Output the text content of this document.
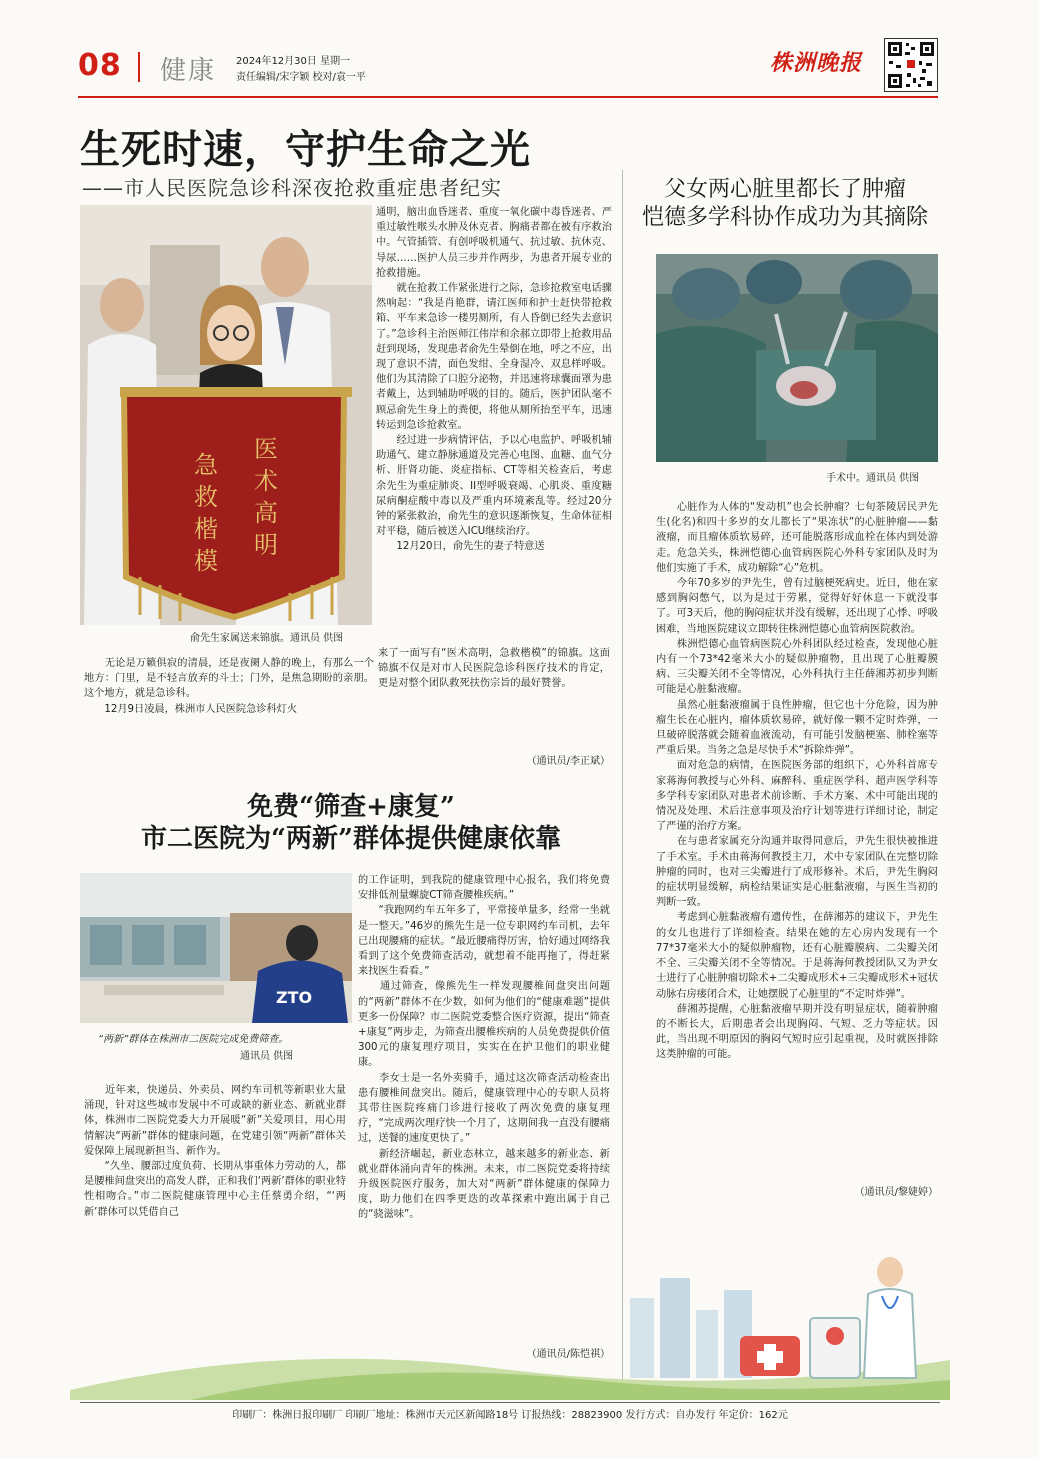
08 健康 2024年12月30日 星期一
责任编辑/宋字颖 校对/袁一平
株洲晚报
生死时速，守护生命之光
——市人民医院急诊科深夜抢救重症患者纪实
急
救
楷
模
医
术
高
明
俞先生家属送来锦旗。通讯员 供图
通明，脑出血昏迷者、重度一氧化碳中毒昏迷者、严重过敏性喉头水肿及休克者、胸痛者都在被有序救治中。气管插管、有创呼吸机通气、抗过敏、抗休克、导尿……医护人员三步并作两步，为患者开展专业的抢救措施。
　　就在抢救工作紧张进行之际，急诊抢救室电话骤然响起：“我是肖艳群，请江医师和护士赶快带抢救箱、平车来急诊一楼男厕所，有人昏倒已经失去意识了。”急诊科主治医师江伟岸和余郝立即带上抢救用品赶到现场，发现患者俞先生晕倒在地，呼之不应，出现了意识不清，面色发绀、全身湿冷、双息样呼吸。他们为其清除了口腔分泌物，并迅速将球囊面罩为患者戴上，达到辅助呼吸的目的。随后，医护团队毫不顾忌俞先生身上的粪便，将他从厕所抬至平车，迅速转运到急诊抢救室。
　　经过进一步病情评估，予以心电监护、呼吸机辅助通气、建立静脉通道及完善心电图、血糖、血气分析、肝肾功能、炎症指标、CT等相关检查后，考虑余先生为重症肺炎、II型呼吸衰竭、心肌炎、重度糖尿病酮症酸中毒以及严重内环境紊乱等。经过20分钟的紧张救治，俞先生的意识逐渐恢复，生命体征相对平稳，随后被送入ICU继续治疗。
　　12月20日，俞先生的妻子特意送
　　无论是万籁俱寂的清晨，还是夜阑人静的晚上，有那么一个地方：门里，是不轻言放弃的斗士；门外，是焦急期盼的亲朋。这个地方，就是急诊科。
　　12月9日凌晨，株洲市人民医院急诊科灯火
来了一面写有“医术高明，急救楷模”的锦旗。这面锦旗不仅是对市人民医院急诊科医疗技术的肯定，更是对整个团队救死扶伤宗旨的最好赞誉。
（通讯员/李正斌）
免费“筛查+康复”
市二医院为“两新”群体提供健康依靠
ZTO
“两新”群体在株洲市二医院完成免费筛查。
通讯员 供图
　　近年来，快递员、外卖员、网约车司机等新职业大量涌现，针对这些城市发展中不可或缺的新业态、新就业群体，株洲市二医院党委大力开展暖“新”关爱项目，用心用情解决“两新”群体的健康问题，在党建引领“两新”群体关爱保障上展现新担当、新作为。
　　“久坐、腰部过度负荷、长期从事重体力劳动的人，都是腰椎间盘突出的高发人群，正和我们‘两新’群体的职业特性相吻合。”市二医院健康管理中心主任蔡勇介绍，“‘两新’群体可以凭借自己
的工作证明，到我院的健康管理中心报名，我们将免费安排低剂量螺旋CT筛查腰椎疾病。”
　　“我跑网约车五年多了，平常接单量多，经常一坐就是一整天。”46岁的熊先生是一位专职网约车司机，去年已出现腰痛的症状。“最近腰痛得厉害，恰好通过网络我看到了这个免费筛查活动，就想着不能再拖了，得赶紧来找医生看看。”
　　通过筛查，像熊先生一样发现腰椎间盘突出问题的“两新”群体不在少数，如何为他们的“健康难题”提供更多一份保障？市二医院党委整合医疗资源，提出“筛查+康复”两步走，为筛查出腰椎疾病的人员免费提供价值300元的康复理疗项目，实实在在护卫他们的职业健康。
　　李女士是一名外卖骑手，通过这次筛查活动检查出患有腰椎间盘突出。随后，健康管理中心的专职人员将其带往医院疼痛门诊进行接收了两次免费的康复理疗，“完成两次理疗快一个月了，这期间我一直没有腰痛过，送餐的速度更快了。”
　　新经济崛起，新业态林立，越来越多的新业态、新就业群体涌向青年的株洲。未来，市二医院党委将持续升级医院医疗服务，加大对“两新”群体健康的保障力度，助力他们在四季更迭的改革探索中跑出属于自己的“骁滋味”。
（通讯员/陈恺祺）
父女两心脏里都长了肿瘤
恺德多学科协作成功为其摘除
手术中。通讯员 供图
　　心脏作为人体的“发动机”也会长肿瘤？七旬茶陵居民尹先生(化名)和四十多岁的女儿都长了“果冻状”的心脏肿瘤——黏液瘤，而且瘤体质软易碎，还可能脱落形成血栓在体内到处游走。危急关头，株洲恺德心血管病医院心外科专家团队及时为他们实施了手术，成功解除“心”危机。
　　今年70多岁的尹先生，曾有过脑梗死病史。近日，他在家感到胸闷憋气，以为是过于劳累，觉得好好休息一下就没事了。可3天后，他的胸闷症状并没有缓解，还出现了心悸、呼吸困难，当地医院建议立即转往株洲恺德心血管病医院救治。
　　株洲恺德心血管病医院心外科团队经过检查，发现他心脏内有一个73*42毫米大小的疑似肿瘤物，且出现了心脏瓣膜病、三尖瓣关闭不全等情况，心外科执行主任薛湘苏初步判断可能是心脏黏液瘤。
　　虽然心脏黏液瘤属于良性肿瘤，但它也十分危险，因为肿瘤生长在心脏内，瘤体质软易碎，就好像一颗不定时炸弹，一旦破碎脱落就会随着血液流动，有可能引发脑梗塞、肺栓塞等严重后果。当务之急是尽快手术“拆除炸弹”。
　　面对危急的病情，在医院医务部的组织下，心外科首席专家蒋海何教授与心外科、麻醉科、重症医学科、超声医学科等多学科专家团队对患者术前诊断、手术方案、术中可能出现的情况及处理、术后注意事项及治疗计划等进行详细讨论，制定了严谨的治疗方案。
　　在与患者家属充分沟通并取得同意后，尹先生很快被推进了手术室。手术由蒋海何教授主刀，术中专家团队在完整切除肿瘤的同时，也对三尖瓣进行了成形修补。术后，尹先生胸闷的症状明显缓解，病检结果证实是心脏黏液瘤，与医生当初的判断一致。
　　考虑到心脏黏液瘤有遗传性，在薛湘苏的建议下，尹先生的女儿也进行了详细检查。结果在她的左心房内发现有一个77*37毫米大小的疑似肿瘤物，还有心脏瓣膜病、二尖瓣关闭不全、三尖瓣关闭不全等情况。于是蒋海何教授团队又为尹女士进行了心脏肿瘤切除术+二尖瓣成形术+三尖瓣成形术+冠状动脉右房瘘闭合术，让她摆脱了心脏里的“不定时炸弹”。
　　薛湘苏提醒，心脏黏液瘤早期并没有明显症状，随着肿瘤的不断长大，后期患者会出现胸闷、气短、乏力等症状。因此，当出现不明原因的胸闷气短时应引起重视，及时就医排除这类肿瘤的可能。
（通讯员/黎婕婷）
印刷厂：株洲日报印刷厂 印刷厂地址：株洲市天元区新闻路18号 订报热线：28823900 发行方式：自办发行 年定价：162元
